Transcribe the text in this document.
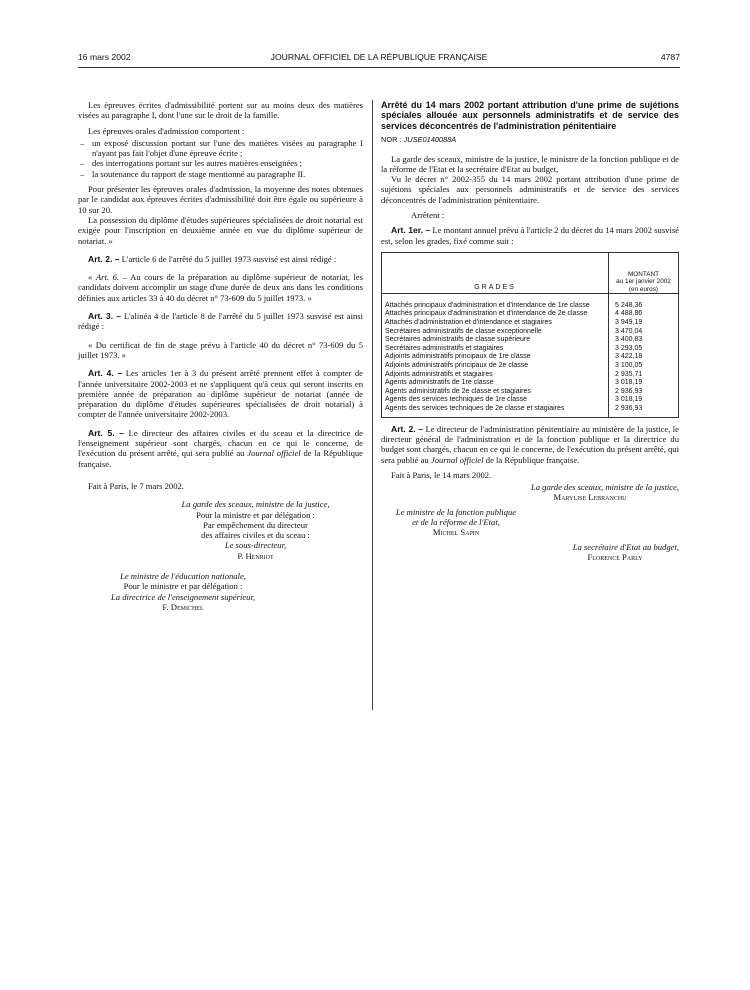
16 mars 2002	JOURNAL OFFICIEL DE LA RÉPUBLIQUE FRANÇAISE	4787

Les épreuves écrites d'admissibilité portent sur au moins deux des matières visées au paragraphe I, dont l'une sur le droit de la famille.

Les épreuves orales d'admission comportent :

– un exposé discussion portant sur l'une des matières visées au paragraphe I n'ayant pas fait l'objet d'une épreuve écrite ;
– des interrogations portant sur les autres matières enseignées ;
– la soutenance du rapport de stage mentionné au paragraphe II.

Pour présenter les épreuves orales d'admission, la moyenne des notes obtenues par le candidat aux épreuves écrites d'admissibilité doit être égale ou supérieure à 10 sur 20.

La possession du diplôme d'études supérieures spécialisées de droit notarial est exigée pour l'inscription en deuxième année en vue du diplôme supérieur de notariat. »

Art. 2. – L'article 6 de l'arrêté du 5 juillet 1973 susvisé est ainsi rédigé :

« Art. 6. – Au cours de la préparation au diplôme supérieur de notariat, les candidats doivent accomplir un stage d'une durée de deux ans dans les conditions définies aux articles 33 à 40 du décret n° 73-609 du 5 juillet 1973. »

Art. 3. – L'alinéa 4 de l'article 8 de l'arrêté du 5 juillet 1973 susvisé est ainsi rédigé :

« Du certificat de fin de stage prévu à l'article 40 du décret n° 73-609 du 5 juillet 1973. »

Art. 4. – Les articles 1er à 3 du présent arrêté prennent effet à compter de l'année universitaire 2002-2003 et ne s'appliquent qu'à ceux qui seront inscrits en première année de préparation au diplôme supérieur de notariat (année de préparation du diplôme d'études supérieures spécialisées de droit notarial) à compter de l'année universitaire 2002-2003.

Art. 5. – Le directeur des affaires civiles et du sceau et la directrice de l'enseignement supérieur sont chargés, chacun en ce qui le concerne, de l'exécution du présent arrêté, qui sera publié au Journal officiel de la République française.

Fait à Paris, le 7 mars 2002.

La garde des sceaux, ministre de la justice,

Pour la ministre et par délégation :

Par empêchement du directeur

des affaires civiles et du sceau :

Le sous-directeur,

P. Henriot

Le ministre de l'éducation nationale,

Pour le ministre et par délégation :

La directrice de l'enseignement supérieur,

F. Demichel

Arrêté du 14 mars 2002 portant attribution d'une prime de sujétions spéciales allouée aux personnels administratifs et de service des services déconcentrés de l'administration pénitentiaire

NOR : JUSE0140088A

La garde des sceaux, ministre de la justice, le ministre de la fonction publique et de la réforme de l'Etat et la secrétaire d'Etat au budget,

Vu le décret n° 2002-355 du 14 mars 2002 portant attribution d'une prime de sujétions spéciales aux personnels administratifs et de service des services déconcentrés de l'administration pénitentiaire.

Arrêtent :

Art. 1er. – Le montant annuel prévu à l'article 2 du décret du 14 mars 2002 susvisé est, selon les grades, fixé comme suit :

GRADES	MONTANT
au 1er janvier 2002
(en euros)

Attachés principaux d'administration et d'intendance de 1re classe	5 248,36
Attachés principaux d'administration et d'intendance de 2e classe	4 488,86
Attachés d'administration et d'intendance et stagiaires	3 949,19
Secrétaires administratifs de classe exceptionnelle	3 470,04
Secrétaires administratifs de classe supérieure	3 400,83
Secrétaires administratifs et stagiaires	3 293,05
Adjoints administratifs principaux de 1re classe	3 422,18
Adjoints administratifs principaux de 2e classe	3 100,05
Adjoints administratifs et stagiaires	2 935,71
Agents administratifs de 1re classe	3 018,19
Agents administratifs de 2e classe et stagiaires	2 936,93
Agents des services techniques de 1re classe	3 018,19
Agents des services techniques de 2e classe et stagiaires	2 936,93

Art. 2. – Le directeur de l'administration pénitentiaire au ministère de la justice, le directeur général de l'administration et de la fonction publique et la directrice du budget sont chargés, chacun en ce qui le concerne, de l'exécution du présent arrêté, qui sera publié au Journal officiel de la République française.

Fait à Paris, le 14 mars 2002.

La garde des sceaux, ministre de la justice,

Marylise Lebranchu

Le ministre de la fonction publique

et de la réforme de l'Etat,

Michel Sapin

La secrétaire d'Etat au budget,

Florence Parly
